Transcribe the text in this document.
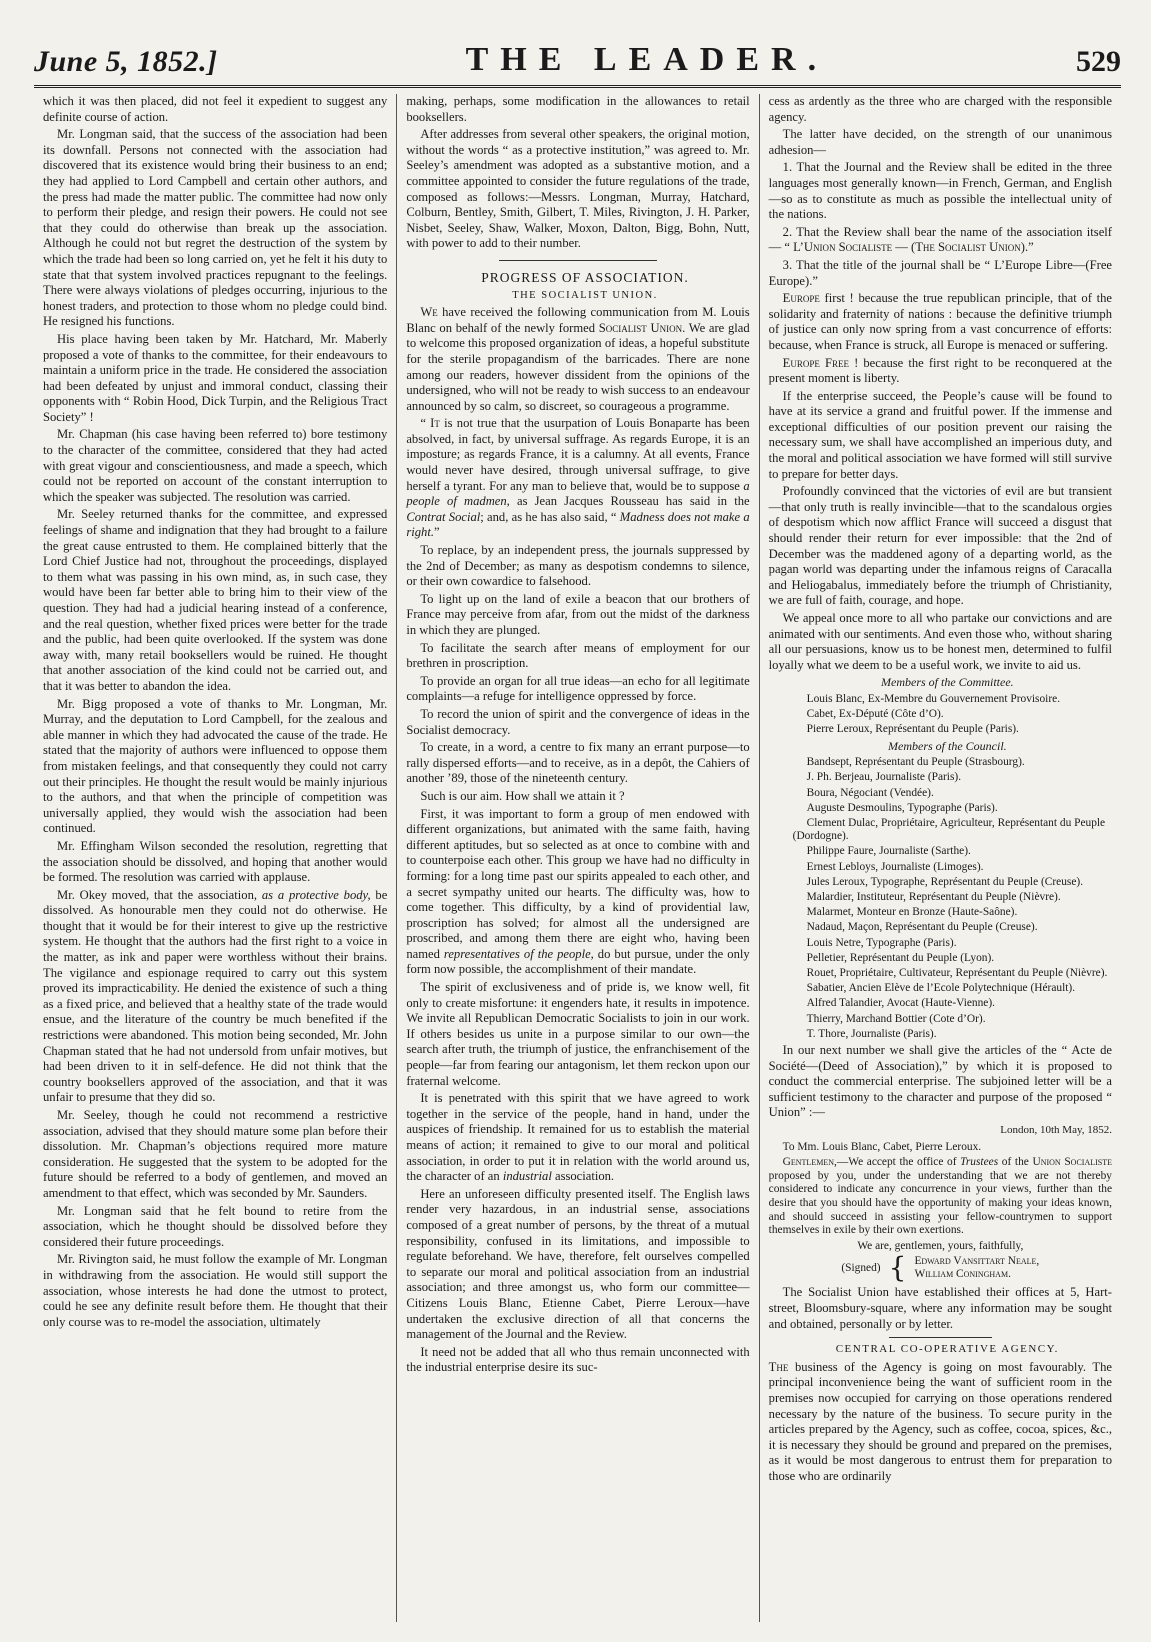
June 5, 1852.]	THE LEADER.	529

which it was then placed, did not feel it expedient to suggest any definite course of action.

Mr. Longman said, that the success of the association had been its downfall. Persons not connected with the association had discovered that its existence would bring their business to an end; they had applied to Lord Campbell and certain other authors, and the press had made the matter public. The committee had now only to perform their pledge, and resign their powers. He could not see that they could do otherwise than break up the association. Although he could not but regret the destruction of the system by which the trade had been so long carried on, yet he felt it his duty to state that that system involved practices repugnant to the feelings. There were always violations of pledges occurring, injurious to the honest traders, and protection to those whom no pledge could bind. He resigned his functions.

His place having been taken by Mr. Hatchard, Mr. Maberly proposed a vote of thanks to the committee, for their endeavours to maintain a uniform price in the trade. He considered the association had been defeated by unjust and immoral conduct, classing their opponents with “ Robin Hood, Dick Turpin, and the Religious Tract Society” !

Mr. Chapman (his case having been referred to) bore testimony to the character of the committee, considered that they had acted with great vigour and conscientiousness, and made a speech, which could not be reported on account of the constant interruption to which the speaker was subjected. The resolution was carried.

Mr. Seeley returned thanks for the committee, and expressed feelings of shame and indignation that they had brought to a failure the great cause entrusted to them. He complained bitterly that the Lord Chief Justice had not, throughout the proceedings, displayed to them what was passing in his own mind, as, in such case, they would have been far better able to bring him to their view of the question. They had had a judicial hearing instead of a conference, and the real question, whether fixed prices were better for the trade and the public, had been quite overlooked. If the system was done away with, many retail booksellers would be ruined. He thought that another association of the kind could not be carried out, and that it was better to abandon the idea.

Mr. Bigg proposed a vote of thanks to Mr. Longman, Mr. Murray, and the deputation to Lord Campbell, for the zealous and able manner in which they had advocated the cause of the trade. He stated that the majority of authors were influenced to oppose them from mistaken feelings, and that consequently they could not carry out their principles. He thought the result would be mainly injurious to the authors, and that when the principle of competition was universally applied, they would wish the association had been continued.

Mr. Effingham Wilson seconded the resolution, regretting that the association should be dissolved, and hoping that another would be formed. The resolution was carried with applause.

Mr. Okey moved, that the association, as a protective body, be dissolved. As honourable men they could not do otherwise. He thought that it would be for their interest to give up the restrictive system. He thought that the authors had the first right to a voice in the matter, as ink and paper were worthless without their brains. The vigilance and espionage required to carry out this system proved its impracticability. He denied the existence of such a thing as a fixed price, and believed that a healthy state of the trade would ensue, and the literature of the country be much benefited if the restrictions were abandoned. This motion being seconded, Mr. John Chapman stated that he had not undersold from unfair motives, but had been driven to it in self-defence. He did not think that the country booksellers approved of the association, and that it was unfair to presume that they did so.

Mr. Seeley, though he could not recommend a restrictive association, advised that they should mature some plan before their dissolution. Mr. Chapman’s objections required more mature consideration. He suggested that the system to be adopted for the future should be referred to a body of gentlemen, and moved an amendment to that effect, which was seconded by Mr. Saunders.

Mr. Longman said that he felt bound to retire from the association, which he thought should be dissolved before they considered their future proceedings.

Mr. Rivington said, he must follow the example of Mr. Longman in withdrawing from the association. He would still support the association, whose interests he had done the utmost to protect, could he see any definite result before them. He thought that their only course was to re-model the association, ultimately

making, perhaps, some modification in the allowances to retail booksellers.

After addresses from several other speakers, the original motion, without the words “ as a protective institution,” was agreed to. Mr. Seeley’s amendment was adopted as a substantive motion, and a committee appointed to consider the future regulations of the trade, composed as follows:—Messrs. Longman, Murray, Hatchard, Colburn, Bentley, Smith, Gilbert, T. Miles, Rivington, J. H. Parker, Nisbet, Seeley, Shaw, Walker, Moxon, Dalton, Bigg, Bohn, Nutt, with power to add to their number.

PROGRESS OF ASSOCIATION.

THE SOCIALIST UNION.

We have received the following communication from M. Louis Blanc on behalf of the newly formed Socialist Union. We are glad to welcome this proposed organization of ideas, a hopeful substitute for the sterile propagandism of the barricades. There are none among our readers, however dissident from the opinions of the undersigned, who will not be ready to wish success to an endeavour announced by so calm, so discreet, so courageous a programme.

“ It is not true that the usurpation of Louis Bonaparte has been absolved, in fact, by universal suffrage. As regards Europe, it is an imposture; as regards France, it is a calumny. At all events, France would never have desired, through universal suffrage, to give herself a tyrant. For any man to believe that, would be to suppose a people of madmen, as Jean Jacques Rousseau has said in the Contrat Social; and, as he has also said, “ Madness does not make a right.”

To replace, by an independent press, the journals suppressed by the 2nd of December; as many as despotism condemns to silence, or their own cowardice to falsehood.

To light up on the land of exile a beacon that our brothers of France may perceive from afar, from out the midst of the darkness in which they are plunged.

To facilitate the search after means of employment for our brethren in proscription.

To provide an organ for all true ideas—an echo for all legitimate complaints—a refuge for intelligence oppressed by force.

To record the union of spirit and the convergence of ideas in the Socialist democracy.

To create, in a word, a centre to fix many an errant purpose—to rally dispersed efforts—and to receive, as in a depôt, the Cahiers of another ’89, those of the nineteenth century.

Such is our aim. How shall we attain it ?

First, it was important to form a group of men endowed with different organizations, but animated with the same faith, having different aptitudes, but so selected as at once to combine with and to counterpoise each other. This group we have had no difficulty in forming: for a long time past our spirits appealed to each other, and a secret sympathy united our hearts. The difficulty was, how to come together. This difficulty, by a kind of providential law, proscription has solved; for almost all the undersigned are proscribed, and among them there are eight who, having been named representatives of the people, do but pursue, under the only form now possible, the accomplishment of their mandate.

The spirit of exclusiveness and of pride is, we know well, fit only to create misfortune: it engenders hate, it results in impotence. We invite all Republican Democratic Socialists to join in our work. If others besides us unite in a purpose similar to our own—the search after truth, the triumph of justice, the enfranchisement of the people—far from fearing our antagonism, let them reckon upon our fraternal welcome.

It is penetrated with this spirit that we have agreed to work together in the service of the people, hand in hand, under the auspices of friendship. It remained for us to establish the material means of action; it remained to give to our moral and political association, in order to put it in relation with the world around us, the character of an industrial association.

Here an unforeseen difficulty presented itself. The English laws render very hazardous, in an industrial sense, associations composed of a great number of persons, by the threat of a mutual responsibility, confused in its limitations, and impossible to regulate beforehand. We have, therefore, felt ourselves compelled to separate our moral and political association from an industrial association; and three amongst us, who form our committee—Citizens Louis Blanc, Etienne Cabet, Pierre Leroux—have undertaken the exclusive direction of all that concerns the management of the Journal and the Review.

It need not be added that all who thus remain unconnected with the industrial enterprise desire its suc-

cess as ardently as the three who are charged with the responsible agency.

The latter have decided, on the strength of our unanimous adhesion—

1. That the Journal and the Review shall be edited in the three languages most generally known—in French, German, and English—so as to constitute as much as possible the intellectual unity of the nations.

2. That the Review shall bear the name of the association itself — “ L’Union Socialiste — (The Socialist Union).”

3. That the title of the journal shall be “ L’Europe Libre—(Free Europe).”

Europe first ! because the true republican principle, that of the solidarity and fraternity of nations : because the definitive triumph of justice can only now spring from a vast concurrence of efforts: because, when France is struck, all Europe is menaced or suffering.

Europe Free ! because the first right to be reconquered at the present moment is liberty.

If the enterprise succeed, the People’s cause will be found to have at its service a grand and fruitful power. If the immense and exceptional difficulties of our position prevent our raising the necessary sum, we shall have accomplished an imperious duty, and the moral and political association we have formed will still survive to prepare for better days.

Profoundly convinced that the victories of evil are but transient—that only truth is really invincible—that to the scandalous orgies of despotism which now afflict France will succeed a disgust that should render their return for ever impossible: that the 2nd of December was the maddened agony of a departing world, as the pagan world was departing under the infamous reigns of Caracalla and Heliogabalus, immediately before the triumph of Christianity, we are full of faith, courage, and hope.

We appeal once more to all who partake our convictions and are animated with our sentiments. And even those who, without sharing all our persuasions, know us to be honest men, determined to fulfil loyally what we deem to be a useful work, we invite to aid us.

Members of the Committee.

Louis Blanc, Ex-Membre du Gouvernement Provisoire.

Cabet, Ex-Député (Côte d’O).

Pierre Leroux, Représentant du Peuple (Paris).

Members of the Council.

Bandsept, Représentant du Peuple (Strasbourg).

J. Ph. Berjeau, Journaliste (Paris).

Boura, Négociant (Vendée).

Auguste Desmoulins, Typographe (Paris).

Clement Dulac, Propriétaire, Agriculteur, Représentant du Peuple (Dordogne).

Philippe Faure, Journaliste (Sarthe).

Ernest Lebloys, Journaliste (Limoges).

Jules Leroux, Typographe, Représentant du Peuple (Creuse).

Malardier, Instituteur, Représentant du Peuple (Nièvre).

Malarmet, Monteur en Bronze (Haute-Saône).

Nadaud, Maçon, Représentant du Peuple (Creuse).

Louis Netre, Typographe (Paris).

Pelletier, Représentant du Peuple (Lyon).

Rouet, Propriétaire, Cultivateur, Représentant du Peuple (Nièvre).

Sabatier, Ancien Elève de l’Ecole Polytechnique (Hérault).

Alfred Talandier, Avocat (Haute-Vienne).

Thierry, Marchand Bottier (Cote d’Or).

T. Thore, Journaliste (Paris).

In our next number we shall give the articles of the “ Acte de Société—(Deed of Association),” by which it is proposed to conduct the commercial enterprise. The subjoined letter will be a sufficient testimony to the character and purpose of the proposed “ Union” :—

London, 10th May, 1852.

To Mm. Louis Blanc, Cabet, Pierre Leroux.

Gentlemen,—We accept the office of Trustees of the Union Socialiste proposed by you, under the understanding that we are not thereby considered to indicate any concurrence in your views, further than the desire that you should have the opportunity of making your ideas known, and should succeed in assisting your fellow-countrymen to support themselves in exile by their own exertions.

We are, gentlemen, yours, faithfully,

(Signed) { Edward Vansittart Neale,
William Coningham.

The Socialist Union have established their offices at 5, Hart-street, Bloomsbury-square, where any information may be sought and obtained, personally or by letter.

CENTRAL CO-OPERATIVE AGENCY.

The business of the Agency is going on most favourably. The principal inconvenience being the want of sufficient room in the premises now occupied for carrying on those operations rendered necessary by the nature of the business. To secure purity in the articles prepared by the Agency, such as coffee, cocoa, spices, &c., it is necessary they should be ground and prepared on the premises, as it would be most dangerous to entrust them for preparation to those who are ordinarily
